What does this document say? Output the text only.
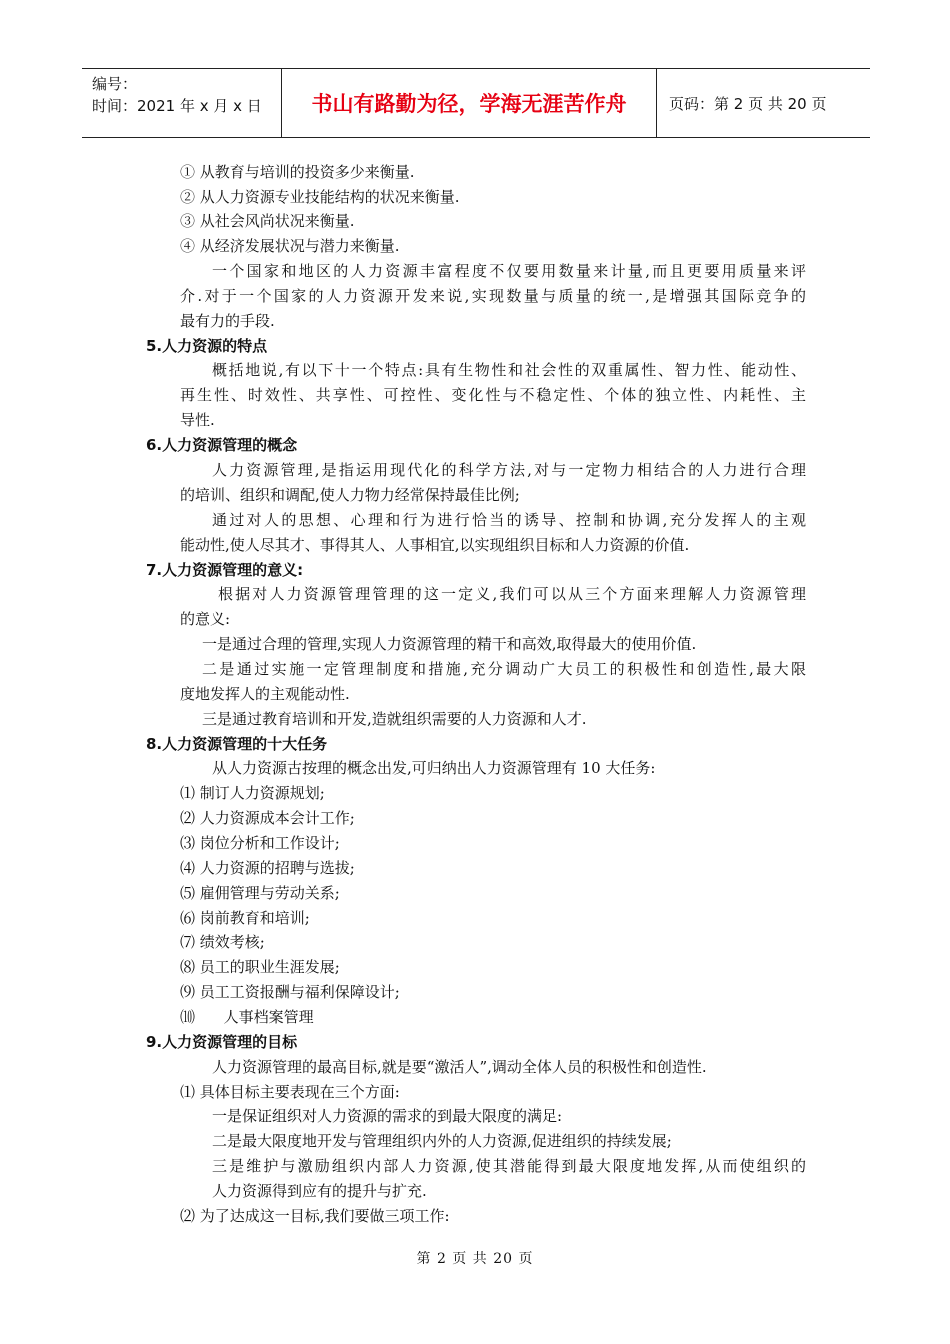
编号：
时间：2021 年 x 月 x 日	书山有路勤为径，学海无涯苦作舟	页码：第 2 页 共 20 页
① 从教育与培训的投资多少来衡量.
② 从人力资源专业技能结构的状况来衡量.
③ 从社会风尚状况来衡量.
④ 从经济发展状况与潜力来衡量.
一个国家和地区的人力资源丰富程度不仅要用数量来计量,而且更要用质量来评
介.对于一个国家的人力资源开发来说,实现数量与质量的统一,是增强其国际竞争的
最有力的手段.
5.人力资源的特点
概括地说,有以下十一个特点:具有生物性和社会性的双重属性、智力性、能动性、
再生性、时效性、共享性、可控性、变化性与不稳定性、个体的独立性、内耗性、主
导性.
6.人力资源管理的概念
人力资源管理,是指运用现代化的科学方法,对与一定物力相结合的人力进行合理
的培训、组织和调配,使人力物力经常保持最佳比例;
通过对人的思想、心理和行为进行恰当的诱导、控制和协调,充分发挥人的主观
能动性,使人尽其才、事得其人、人事相宜,以实现组织目标和人力资源的价值.
7.人力资源管理的意义:
根据对人力资源管理管理的这一定义,我们可以从三个方面来理解人力资源管理
的意义:
一是通过合理的管理,实现人力资源管理的精干和高效,取得最大的使用价值.
二是通过实施一定管理制度和措施,充分调动广大员工的积极性和创造性,最大限
度地发挥人的主观能动性.
三是通过教育培训和开发,造就组织需要的人力资源和人才.
8.人力资源管理的十大任务
从人力资源古按理的概念出发,可归纳出人力资源管理有 10 大任务:
⑴ 制订人力资源规划;
⑵ 人力资源成本会计工作;
⑶ 岗位分析和工作设计;
⑷ 人力资源的招聘与选拔;
⑸ 雇佣管理与劳动关系;
⑹ 岗前教育和培训;
⑺ 绩效考核;
⑻ 员工的职业生涯发展;
⑼ 员工工资报酬与福利保障设计;
⑽      人事档案管理
9.人力资源管理的目标
人力资源管理的最高目标,就是要“激活人”,调动全体人员的积极性和创造性.
⑴ 具体目标主要表现在三个方面:
一是保证组织对人力资源的需求的到最大限度的满足:
二是最大限度地开发与管理组织内外的人力资源,促进组织的持续发展;
三是维护与激励组织内部人力资源,使其潜能得到最大限度地发挥,从而使组织的
人力资源得到应有的提升与扩充.
⑵ 为了达成这一目标,我们要做三项工作:
第 2 页 共 20 页
